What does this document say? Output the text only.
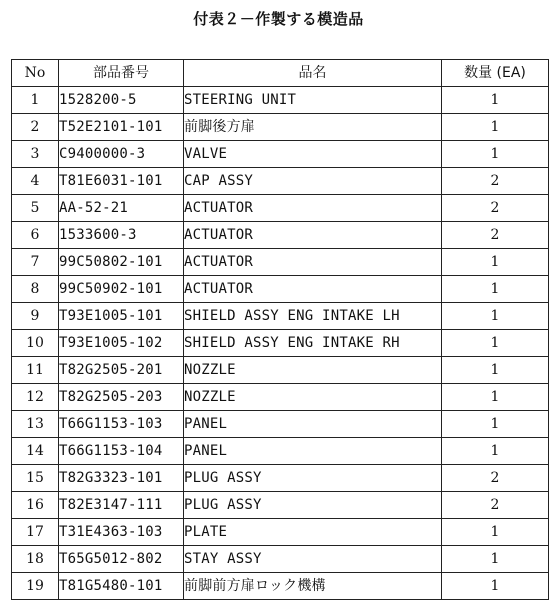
付表２－作製する模造品
No	部品番号	品名	数量 (EA)
1	1528200-5	STEERING UNIT	1
2	T52E2101-101	前脚後方扉	1
3	C9400000-3	VALVE	1
4	T81E6031-101	CAP ASSY	2
5	AA-52-21	ACTUATOR	2
6	1533600-3	ACTUATOR	2
7	99C50802-101	ACTUATOR	1
8	99C50902-101	ACTUATOR	1
9	T93E1005-101	SHIELD ASSY ENG INTAKE LH	1
10	T93E1005-102	SHIELD ASSY ENG INTAKE RH	1
11	T82G2505-201	NOZZLE	1
12	T82G2505-203	NOZZLE	1
13	T66G1153-103	PANEL	1
14	T66G1153-104	PANEL	1
15	T82G3323-101	PLUG ASSY	2
16	T82E3147-111	PLUG ASSY	2
17	T31E4363-103	PLATE	1
18	T65G5012-802	STAY ASSY	1
19	T81G5480-101	前脚前方扉ロック機構	1
